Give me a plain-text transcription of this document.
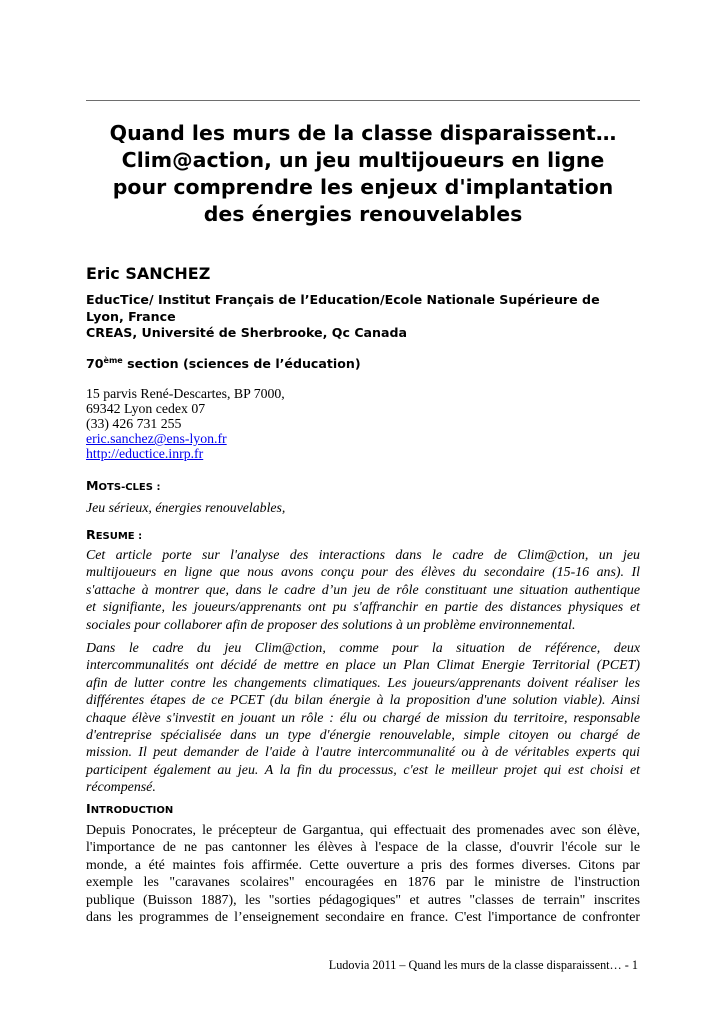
Quand les murs de la classe disparaissent…
Clim@action, un jeu multijoueurs en ligne
pour comprendre les enjeux d'implantation
des énergies renouvelables
Eric SANCHEZ
EducTice/ Institut Français de l’Education/Ecole Nationale Supérieure de
Lyon, France
CREAS, Université de Sherbrooke, Qc Canada
70ème section (sciences de l’éducation)
15 parvis René-Descartes, BP 7000,
69342 Lyon cedex 07
(33) 426 731 255
eric.sanchez@ens-lyon.fr
http://eductice.inrp.fr
MOTS-CLES :
Jeu sérieux, énergies renouvelables,
RESUME :
Cet article porte sur l'analyse des interactions dans le cadre de Clim@ction, un jeu
multijoueurs en ligne que nous avons conçu pour des élèves du secondaire (15-16 ans). Il
s'attache à montrer que, dans le cadre d’un jeu de rôle constituant une situation authentique
et signifiante, les joueurs/apprenants ont pu s'affranchir en partie des distances physiques et
sociales pour collaborer afin de proposer des solutions à un problème environnemental.
Dans le cadre du jeu Clim@ction, comme pour la situation de référence, deux
intercommunalités ont décidé de mettre en place un Plan Climat Energie Territorial (PCET)
afin de lutter contre les changements climatiques. Les joueurs/apprenants doivent réaliser les
différentes étapes de ce PCET (du bilan énergie à la proposition d'une solution viable). Ainsi
chaque élève s'investit en jouant un rôle : élu ou chargé de mission du territoire, responsable
d'entreprise spécialisée dans un type d'énergie renouvelable, simple citoyen ou chargé de
mission. Il peut demander de l'aide à l'autre intercommunalité ou à de véritables experts qui
participent également au jeu. A la fin du processus, c'est le meilleur projet qui est choisi et
récompensé.
INTRODUCTION
Depuis Ponocrates, le précepteur de Gargantua, qui effectuait des promenades avec son élève,
l'importance de ne pas cantonner les élèves à l'espace de la classe, d'ouvrir l'école sur le
monde, a été maintes fois affirmée. Cette ouverture a pris des formes diverses. Citons par
exemple les "caravanes scolaires" encouragées en 1876 par le ministre de l'instruction
publique (Buisson 1887), les "sorties pédagogiques" et autres "classes de terrain" inscrites
dans les programmes de l’enseignement secondaire en france. C'est l'importance de confronter
Ludovia 2011 – Quand les murs de la classe disparaissent… - 1
